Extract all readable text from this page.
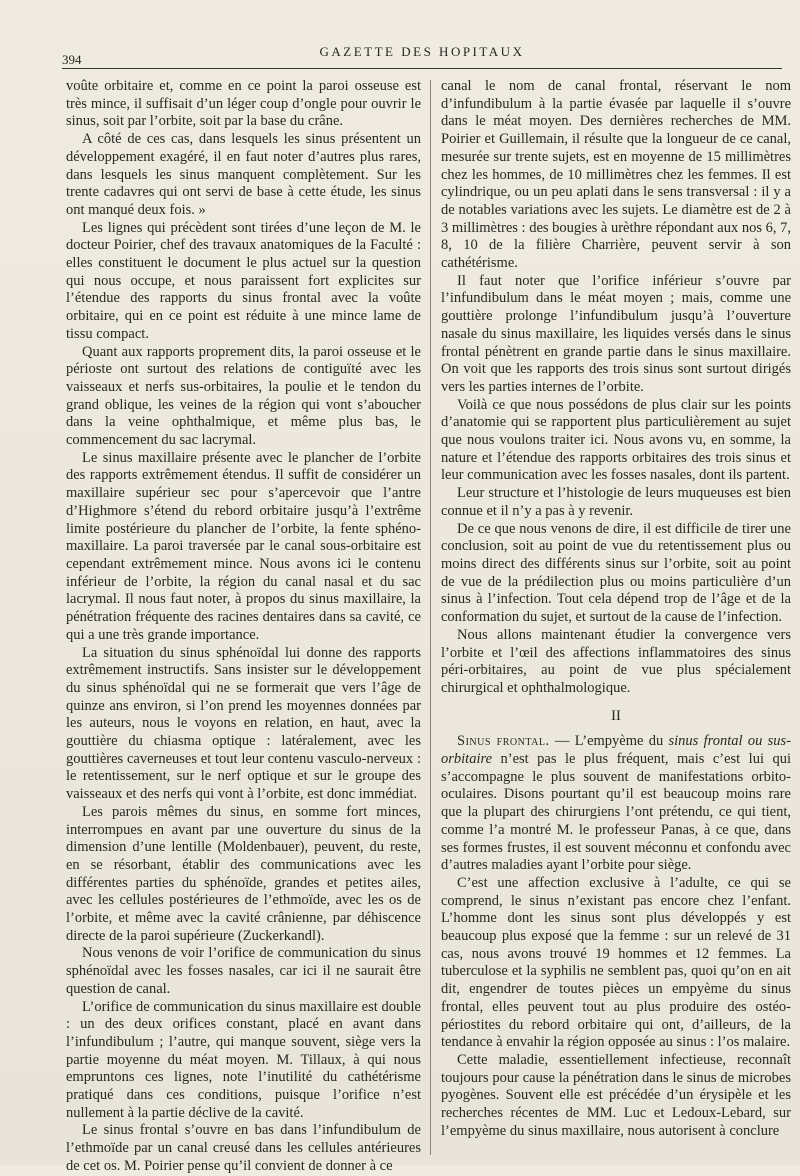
394
GAZETTE DES HOPITAUX

voûte orbitaire et, comme en ce point la paroi osseuse est très mince, il suffisait d’un léger coup d’ongle pour ouvrir le sinus, soit par l’orbite, soit par la base du crâne.

A côté de ces cas, dans lesquels les sinus présentent un développement exagéré, il en faut noter d’autres plus rares, dans lesquels les sinus manquent complètement. Sur les trente cadavres qui ont servi de base à cette étude, les sinus ont manqué deux fois. »

Les lignes qui précèdent sont tirées d’une leçon de M. le docteur Poirier, chef des travaux anatomiques de la Faculté : elles constituent le document le plus actuel sur la question qui nous occupe, et nous paraissent fort explicites sur l’étendue des rapports du sinus frontal avec la voûte orbitaire, qui en ce point est réduite à une mince lame de tissu compact.

Quant aux rapports proprement dits, la paroi osseuse et le périoste ont surtout des relations de contiguïté avec les vaisseaux et nerfs sus-orbitaires, la poulie et le tendon du grand oblique, les veines de la région qui vont s’aboucher dans la veine ophthalmique, et même plus bas, le commencement du sac lacrymal.

Le sinus maxillaire présente avec le plancher de l’orbite des rapports extrêmement étendus. Il suffit de considérer un maxillaire supérieur sec pour s’apercevoir que l’antre d’Highmore s’étend du rebord orbitaire jusqu’à l’extrême limite postérieure du plancher de l’orbite, la fente sphéno-maxillaire. La paroi traversée par le canal sous-orbitaire est cependant extrêmement mince. Nous avons ici le contenu inférieur de l’orbite, la région du canal nasal et du sac lacrymal. Il nous faut noter, à propos du sinus maxillaire, la pénétration fréquente des racines dentaires dans sa cavité, ce qui a une très grande importance.

La situation du sinus sphénoïdal lui donne des rapports extrêmement instructifs. Sans insister sur le développement du sinus sphénoïdal qui ne se formerait que vers l’âge de quinze ans environ, si l’on prend les moyennes données par les auteurs, nous le voyons en relation, en haut, avec la gouttière du chiasma optique : latéralement, avec les gouttières caverneuses et tout leur contenu vasculo-nerveux : le retentissement, sur le nerf optique et sur le groupe des vaisseaux et des nerfs qui vont à l’orbite, est donc immédiat.

Les parois mêmes du sinus, en somme fort minces, interrompues en avant par une ouverture du sinus de la dimension d’une lentille (Moldenbauer), peuvent, du reste, en se résorbant, établir des communications avec les différentes parties du sphénoïde, grandes et petites ailes, avec les cellules postérieures de l’ethmoïde, avec les os de l’orbite, et même avec la cavité crânienne, par déhiscence directe de la paroi supérieure (Zuckerkandl).

Nous venons de voir l’orifice de communication du sinus sphénoïdal avec les fosses nasales, car ici il ne saurait être question de canal.

L’orifice de communication du sinus maxillaire est double : un des deux orifices constant, placé en avant dans l’infundibulum ; l’autre, qui manque souvent, siège vers la partie moyenne du méat moyen. M. Tillaux, à qui nous empruntons ces lignes, note l’inutilité du cathétérisme pratiqué dans ces conditions, puisque l’orifice n’est nullement à la partie déclive de la cavité.

Le sinus frontal s’ouvre en bas dans l’infundibulum de l’ethmoïde par un canal creusé dans les cellules antérieures de cet os. M. Poirier pense qu’il convient de donner à ce

canal le nom de canal frontal, réservant le nom d’infundibulum à la partie évasée par laquelle il s’ouvre dans le méat moyen. Des dernières recherches de MM. Poirier et Guillemain, il résulte que la longueur de ce canal, mesurée sur trente sujets, est en moyenne de 15 millimètres chez les hommes, de 10 millimètres chez les femmes. Il est cylindrique, ou un peu aplati dans le sens transversal : il y a de notables variations avec les sujets. Le diamètre est de 2 à 3 millimètres : des bougies à urèthre répondant aux nos 6, 7, 8, 10 de la filière Charrière, peuvent servir à son cathétérisme.

Il faut noter que l’orifice inférieur s’ouvre par l’infundibulum dans le méat moyen ; mais, comme une gouttière prolonge l’infundibulum jusqu’à l’ouverture nasale du sinus maxillaire, les liquides versés dans le sinus frontal pénètrent en grande partie dans le sinus maxillaire. On voit que les rapports des trois sinus sont surtout dirigés vers les parties internes de l’orbite.

Voilà ce que nous possédons de plus clair sur les points d’anatomie qui se rapportent plus particulièrement au sujet que nous voulons traiter ici. Nous avons vu, en somme, la nature et l’étendue des rapports orbitaires des trois sinus et leur communication avec les fosses nasales, dont ils partent.

Leur structure et l’histologie de leurs muqueuses est bien connue et il n’y a pas à y revenir.

De ce que nous venons de dire, il est difficile de tirer une conclusion, soit au point de vue du retentissement plus ou moins direct des différents sinus sur l’orbite, soit au point de vue de la prédilection plus ou moins particulière d’un sinus à l’infection. Tout cela dépend trop de l’âge et de la conformation du sujet, et surtout de la cause de l’infection.

Nous allons maintenant étudier la convergence vers l’orbite et l’œil des affections inflammatoires des sinus péri-orbitaires, au point de vue plus spécialement chirurgical et ophthalmologique.

II

Sinus frontal. — L’empyème du sinus frontal ou sus-orbitaire n’est pas le plus fréquent, mais c’est lui qui s’accompagne le plus souvent de manifestations orbito-oculaires. Disons pourtant qu’il est beaucoup moins rare que la plupart des chirurgiens l’ont prétendu, ce qui tient, comme l’a montré M. le professeur Panas, à ce que, dans ses formes frustes, il est souvent méconnu et confondu avec d’autres maladies ayant l’orbite pour siège.

C’est une affection exclusive à l’adulte, ce qui se comprend, le sinus n’existant pas encore chez l’enfant. L’homme dont les sinus sont plus développés y est beaucoup plus exposé que la femme : sur un relevé de 31 cas, nous avons trouvé 19 hommes et 12 femmes. La tuberculose et la syphilis ne semblent pas, quoi qu’on en ait dit, engendrer de toutes pièces un empyème du sinus frontal, elles peuvent tout au plus produire des ostéo-périostites du rebord orbitaire qui ont, d’ailleurs, de la tendance à envahir la région opposée au sinus : l’os malaire.

Cette maladie, essentiellement infectieuse, reconnaît toujours pour cause la pénétration dans le sinus de microbes pyogènes. Souvent elle est précédée d’un érysipèle et les recherches récentes de MM. Luc et Ledoux-Lebard, sur l’empyème du sinus maxillaire, nous autorisent à conclure
